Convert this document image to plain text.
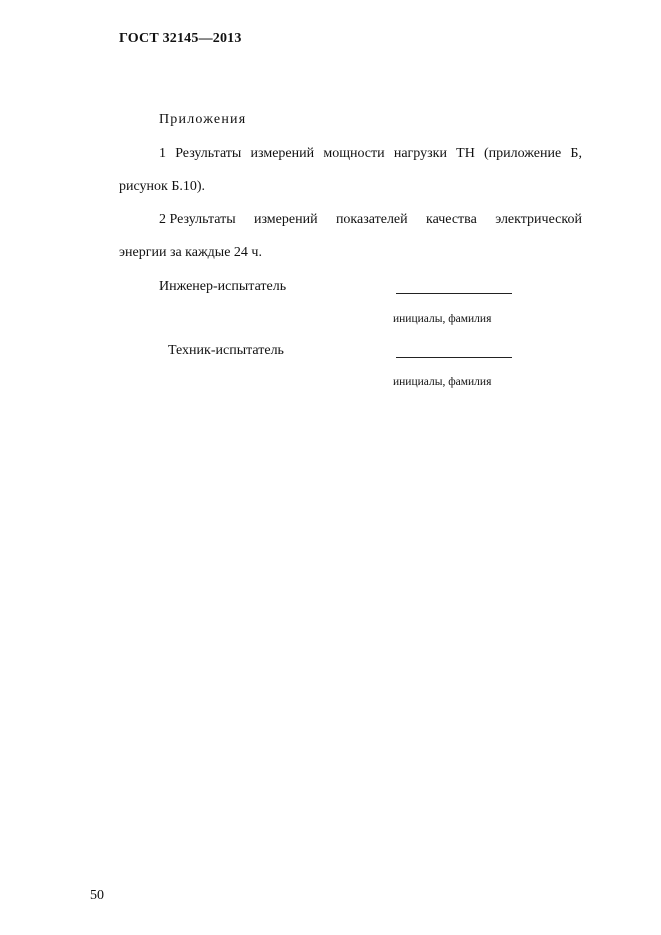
ГОСТ 32145—2013
Приложения
1 Результаты измерений мощности нагрузки ТН (приложение Б,
рисунок Б.10).
2 Результаты измерений показателей качества электрической
энергии за каждые 24 ч.
Инженер-испытатель
инициалы, фамилия
Техник-испытатель
инициалы, фамилия
50
